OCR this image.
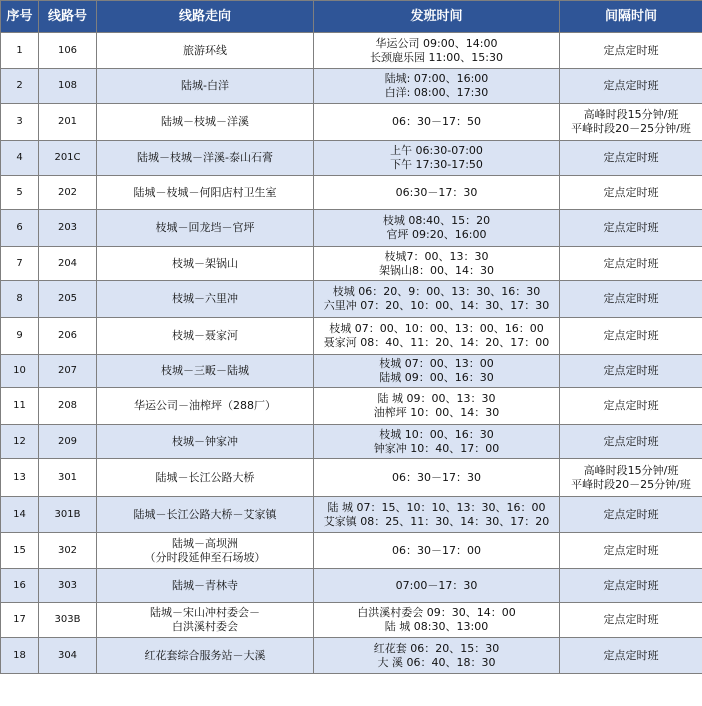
序号	线路号	线路走向	发班时间	间隔时间
1	106	旅游环线	华运公司 09:00、14:00
长颈鹿乐园 11:00、15:30	定点定时班

2	108	陆城-白洋	陆城: 07:00、16:00
白洋: 08:00、17:30	定点定时班

3	201	陆城－枝城－洋溪	06：30－17：50	高峰时段15分钟/班
平峰时段20－25分钟/班

4	201C	陆城－枝城－洋溪-泰山石膏	上午 06:30-07:00
下午 17:30-17:50	定点定时班

5	202	陆城－枝城－何阳店村卫生室	06:30－17：30	定点定时班

6	203	枝城－回龙垱－官坪	枝城 08:40、15：20
官坪 09:20、16:00	定点定时班

7	204	枝城－架锅山	枝城7：00、13：30
架锅山8：00、14：30	定点定时班

8	205	枝城－六里冲	枝城 06：20、9：00、13：30、16：30
六里冲 07：20、10：00、14：30、17：30	定点定时班

9	206	枝城－聂家河	枝城 07：00、10：00、13：00、16：00
聂家河 08：40、11：20、14：20、17：00	定点定时班

10	207	枝城－三畈－陆城	枝城 07：00、13：00
陆城 09：00、16：30	定点定时班

11	208	华运公司－油榨坪（288厂）	陆 城 09：00、13：30
油榨坪 10：00、14：30	定点定时班

12	209	枝城－钟家冲	枝城 10：00、16：30
钟家冲 10：40、17：00	定点定时班

13	301	陆城－长江公路大桥	06：30－17：30	高峰时段15分钟/班
平峰时段20－25分钟/班

14	301B	陆城－长江公路大桥－艾家镇	陆 城 07：15、10：10、13：30、16：00
艾家镇 08：25、11：30、14：30、17：20	定点定时班

15	302	陆城－高坝洲
（分时段延伸至石场坡）	06：30－17：00	定点定时班

16	303	陆城－青林寺	07:00－17：30	定点定时班

17	303B	陆城－宋山冲村委会－
白洪溪村委会	白洪溪村委会 09：30、14：00
陆 城 08:30、13:00	定点定时班

18	304	红花套综合服务站－大溪	红花套 06：20、15：30
大 溪 06：40、18：30	定点定时班
